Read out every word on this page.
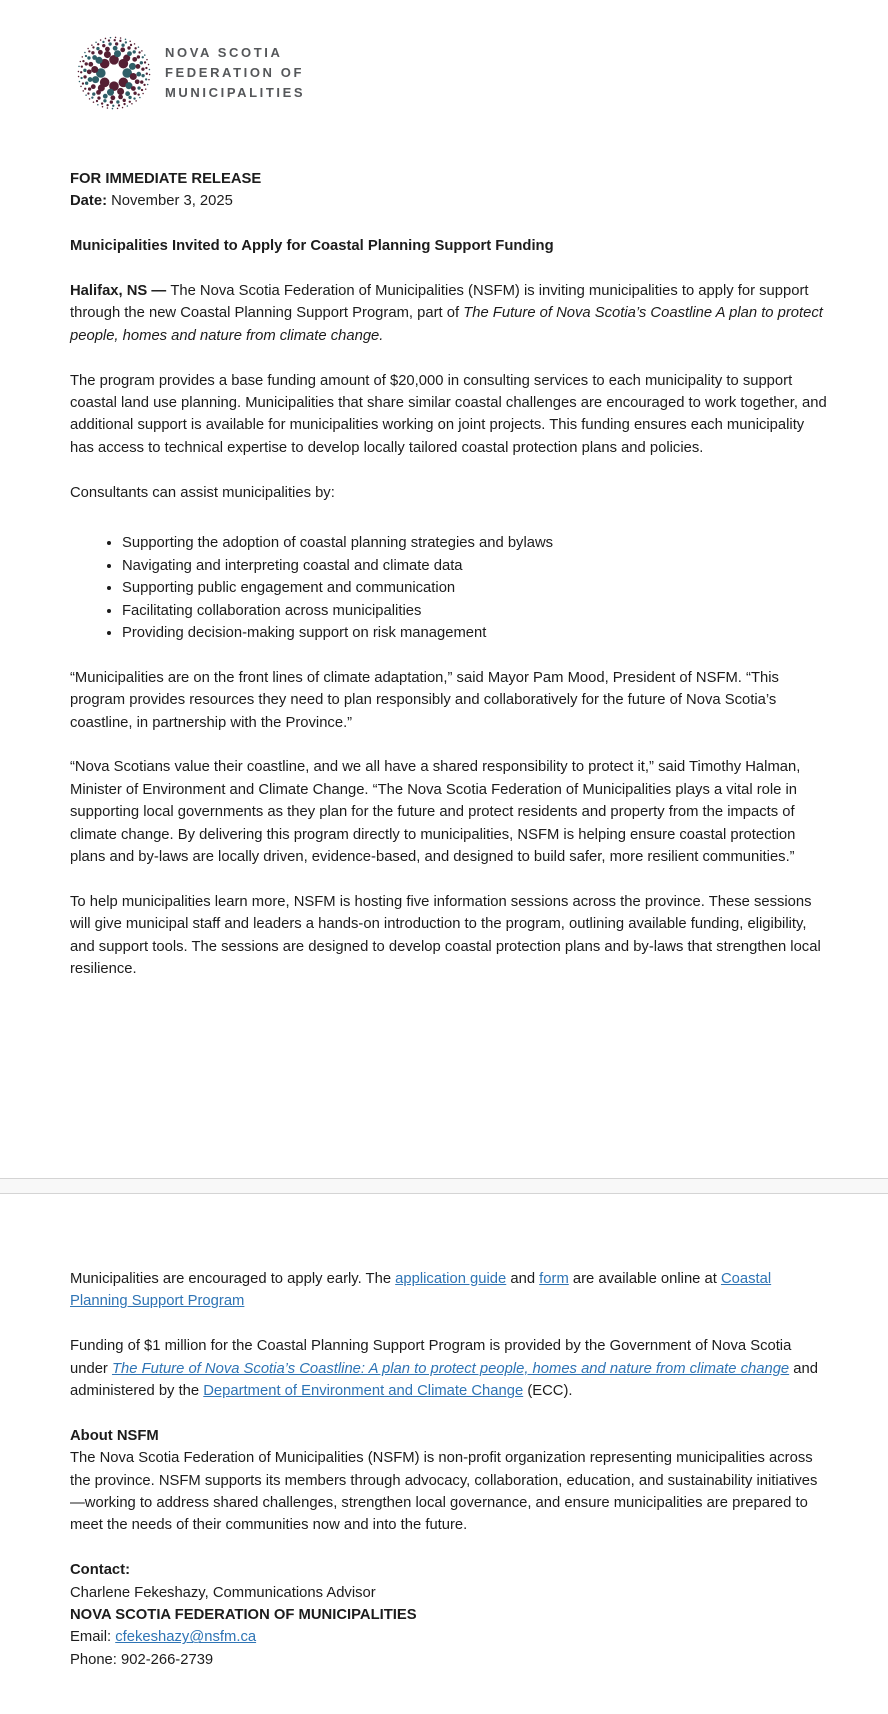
NOVA SCOTIA
FEDERATION OF
MUNICIPALITIES

FOR IMMEDIATE RELEASE

Date: November 3, 2025

Municipalities Invited to Apply for Coastal Planning Support Funding

Halifax, NS — The Nova Scotia Federation of Municipalities (NSFM) is inviting municipalities to apply for support through the new Coastal Planning Support Program, part of The Future of Nova Scotia’s Coastline A plan to protect people, homes and nature from climate change.

The program provides a base funding amount of $20,000 in consulting services to each municipality to support coastal land use planning. Municipalities that share similar coastal challenges are encouraged to work together, and additional support is available for municipalities working on joint projects. This funding ensures each municipality has access to technical expertise to develop locally tailored coastal protection plans and policies.

Consultants can assist municipalities by:

• Supporting the adoption of coastal planning strategies and bylaws
• Navigating and interpreting coastal and climate data
• Supporting public engagement and communication
• Facilitating collaboration across municipalities
• Providing decision-making support on risk management

“Municipalities are on the front lines of climate adaptation,” said Mayor Pam Mood, President of NSFM. “This program provides resources they need to plan responsibly and collaboratively for the future of Nova Scotia’s coastline, in partnership with the Province.”

“Nova Scotians value their coastline, and we all have a shared responsibility to protect it,” said Timothy Halman, Minister of Environment and Climate Change. “The Nova Scotia Federation of Municipalities plays a vital role in supporting local governments as they plan for the future and protect residents and property from the impacts of climate change. By delivering this program directly to municipalities, NSFM is helping ensure coastal protection plans and by-laws are locally driven, evidence-based, and designed to build safer, more resilient communities.”

To help municipalities learn more, NSFM is hosting five information sessions across the province. These sessions will give municipal staff and leaders a hands-on introduction to the program, outlining available funding, eligibility, and support tools. The sessions are designed to develop coastal protection plans and by-laws that strengthen local resilience.

Municipalities are encouraged to apply early. The application guide and form are available online at Coastal Planning Support Program

Funding of $1 million for the Coastal Planning Support Program is provided by the Government of Nova Scotia under The Future of Nova Scotia’s Coastline: A plan to protect people, homes and nature from climate change and administered by the Department of Environment and Climate Change (ECC).

About NSFM

The Nova Scotia Federation of Municipalities (NSFM) is non-profit organization representing municipalities across the province. NSFM supports its members through advocacy, collaboration, education, and sustainability initiatives—working to address shared challenges, strengthen local governance, and ensure municipalities are prepared to meet the needs of their communities now and into the future.

Contact:

Charlene Fekeshazy, Communications Advisor

NOVA SCOTIA FEDERATION OF MUNICIPALITIES

Email: cfekeshazy@nsfm.ca

Phone: 902-266-2739
